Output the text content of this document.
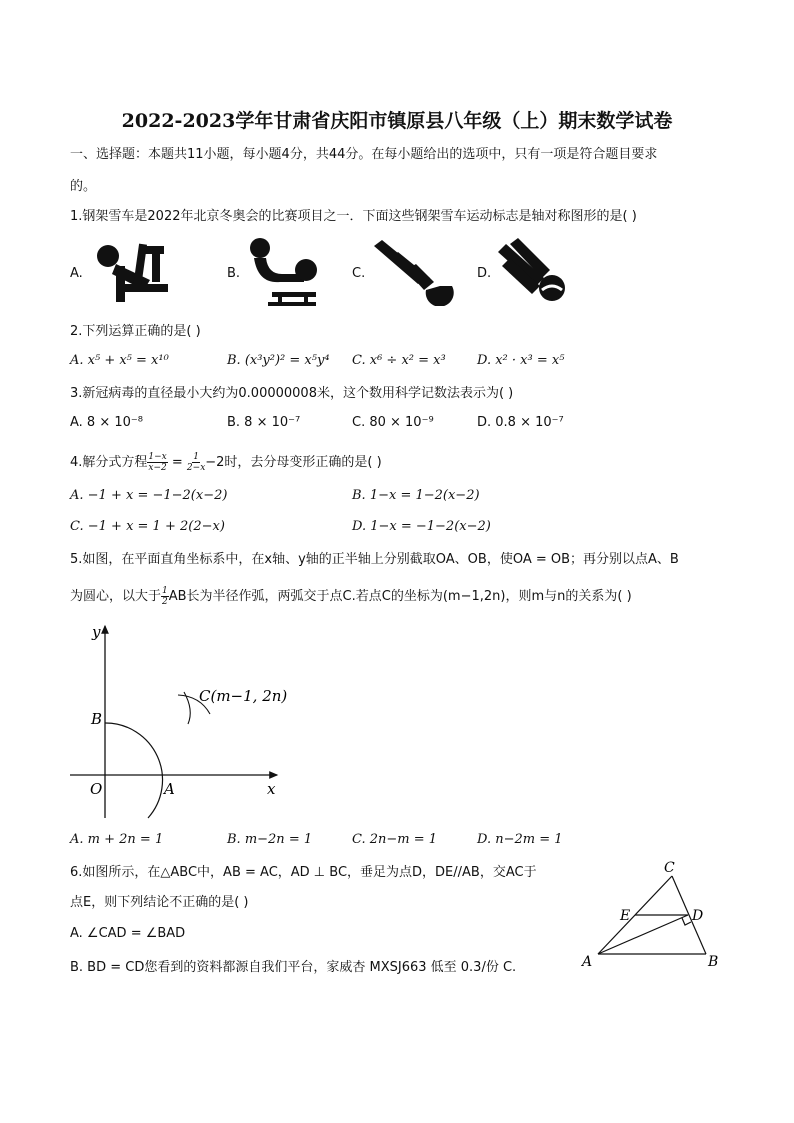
2022-2023学年甘肃省庆阳市镇原县八年级（上）期末数学试卷
一、选择题：本题共11小题，每小题4分，共44分。在每小题给出的选项中，只有一项是符合题目要求
的。
1.钢架雪车是2022年北京冬奥会的比赛项目之一．下面这些钢架雪车运动标志是轴对称图形的是( )
A.	B.	C.	D.
2.下列运算正确的是( )
A. x⁵ + x⁵ = x¹⁰	B. (x³y²)² = x⁵y⁴ C. x⁶ ÷ x² = x³ D. x² · x³ = x⁵
3.新冠病毒的直径最小大约为0.00000008米，这个数用科学记数法表示为( )
A. 8 × 10⁻⁸	B. 8 × 10⁻⁷	C. 80 × 10⁻⁹	D. 0.8 × 10⁻⁷
4.解分式方程 $\frac{1-x}{x-2} = \frac{1}{2-x} -2$时，去分母变形正确的是( )
A. −1 + x = −1−2(x−2)	B. 1−x = 1−2(x−2)
C. −1 + x = 1 + 2(2−x)	D. 1−x = −1−2(x−2)
5.如图，在平面直角坐标系中，在x轴、y轴的正半轴上分别截取OA、OB，使OA = OB；再分别以点A、B
为圆心，以大于 $\frac{1}{2}$ AB长为半径作弧，两弧交于点C.若点C的坐标为(m−1,2n)，则m与n的关系为( )
y
x
O	A
B
C(m−1, 2n)
A. m + 2n = 1	B. m−2n = 1	C. 2n−m = 1	D. n−2m = 1
6.如图所示，在△ABC中，AB = AC，AD ⊥ BC，垂足为点D，DE//AB，交AC于
点E，则下列结论不正确的是( )
A. ∠CAD = ∠BAD
B. BD = CD您看到的资料都源自我们平台，家威杏 MXSJ663 低至 0.3/份 C.
C
E	D
A	B
